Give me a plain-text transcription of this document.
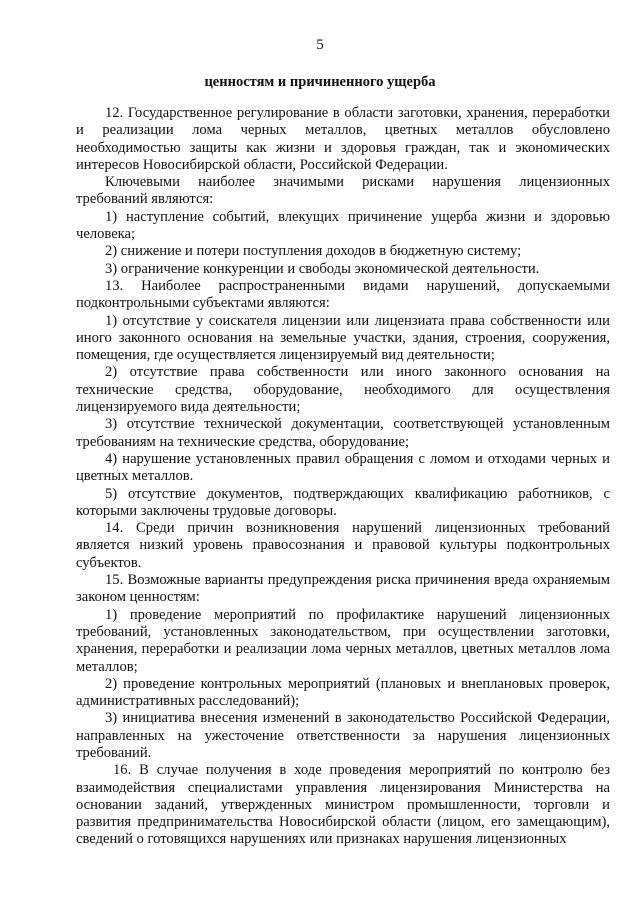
5
ценностям и причиненного ущерба

12. Государственное регулирование в области заготовки, хранения, переработки и реализации лома черных металлов, цветных металлов обусловлено необходимостью защиты как жизни и здоровья граждан, так и экономических интересов Новосибирской области, Российской Федерации.

Ключевыми наиболее значимыми рисками нарушения лицензионных требований являются:

1) наступление событий, влекущих причинение ущерба жизни и здоровью человека;

2) снижение и потери поступления доходов в бюджетную систему;

3) ограничение конкуренции и свободы экономической деятельности.

13. Наиболее распространенными видами нарушений, допускаемыми подконтрольными субъектами являются:

1) отсутствие у соискателя лицензии или лицензиата права собственности или иного законного основания на земельные участки, здания, строения, сооружения, помещения, где осуществляется лицензируемый вид деятельности;

2) отсутствие права собственности или иного законного основания на технические средства, оборудование, необходимого для осуществления лицензируемого вида деятельности;

3) отсутствие технической документации, соответствующей установленным требованиям на технические средства, оборудование;

4) нарушение установленных правил обращения с ломом и отходами черных и цветных металлов.

5) отсутствие документов, подтверждающих квалификацию работников, с которыми заключены трудовые договоры.

14. Среди причин возникновения нарушений лицензионных требований является низкий уровень правосознания и правовой культуры подконтрольных субъектов.

15. Возможные варианты предупреждения риска причинения вреда охраняемым законом ценностям:

1) проведение мероприятий по профилактике нарушений лицензионных требований, установленных законодательством, при осуществлении заготовки, хранения, переработки и реализации лома черных металлов, цветных металлов лома металлов;

2) проведение контрольных мероприятий (плановых и внеплановых проверок, административных расследований);

3) инициатива внесения изменений в законодательство Российской Федерации, направленных на ужесточение ответственности за нарушения лицензионных требований.

16. В случае получения в ходе проведения мероприятий по контролю без взаимодействия специалистами управления лицензирования Министерства на основании заданий, утвержденных министром промышленности, торговли и развития предпринимательства Новосибирской области (лицом, его замещающим), сведений о готовящихся нарушениях или признаках нарушения лицензионных
